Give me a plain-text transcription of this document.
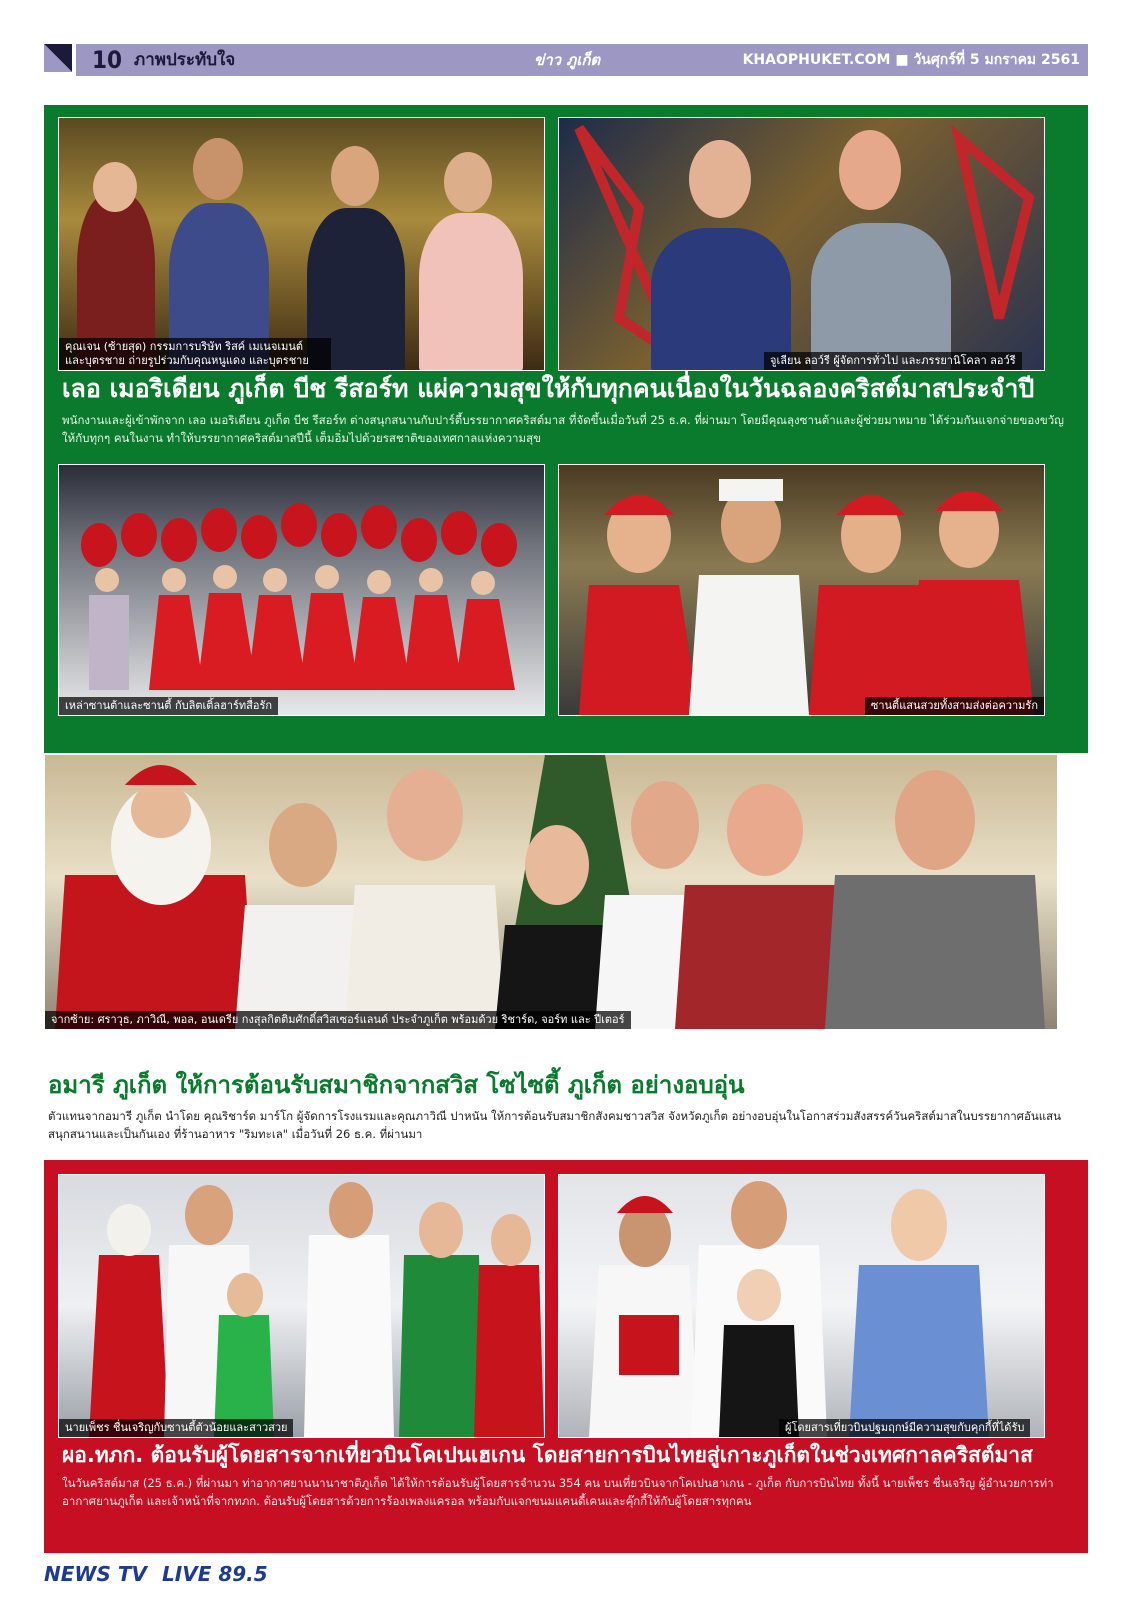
10 ภาพประทับใจ	ข่าว ภูเก็ต	KHAOPHUKET.COM ■ วันศุกร์ที่ 5 มกราคม 2561
คุณเจน (ซ้ายสุด) กรรมการบริษัท ริสค์ เมเนจเมนต์ และบุตรชาย ถ่ายรูปร่วมกับคุณหนูแดง และบุตรชาย	จูเลียน ลอว์รี ผู้จัดการทั่วไป และภรรยานิโคลา ลอว์รี
เลอ เมอริเดียน ภูเก็ต บีช รีสอร์ท แผ่ความสุขให้กับทุกคนเนื่องในวันฉลองคริสต์มาสประจำปี
พนักงานและผู้เข้าพักจาก เลอ เมอริเดียน ภูเก็ต บีช รีสอร์ท ต่างสนุกสนานกับปาร์ตี้บรรยากาศคริสต์มาส ที่จัดขึ้นเมื่อวันที่ 25 ธ.ค. ที่ผ่านมา โดยมีคุณลุงซานต้าและผู้ช่วยมาหมาย ได้ร่วมกันแจกจ่ายของขวัญให้กับทุกๆ คนในงาน ทำให้บรรยากาศคริสต์มาสปีนี้ เต็มอิ่มไปด้วยรสชาติของเทศกาลแห่งความสุข
เหล่าซานต้าและซานตี้ กับลิตเติ้ลฮาร์ทสื่อรัก	ซานตี้แสนสวยทั้งสามส่งต่อความรัก
จากซ้าย: ศราวุธ, ภาวิณี, พอล, อนเดรีย กงสุลกิตติมศักดิ์สวิสเซอร์แลนด์ ประจำภูเก็ต พร้อมด้วย ริชาร์ด, จอร์ท และ ปีเตอร์
อมารี ภูเก็ต ให้การต้อนรับสมาชิกจากสวิส โซไซตี้ ภูเก็ต อย่างอบอุ่น
ตัวแทนจากอมารี ภูเก็ต นำโดย คุณริชาร์ด มาร์โก ผู้จัดการโรงแรมและคุณภาวิณี ปาหนัน ให้การต้อนรับสมาชิกสังคมชาวสวิส จังหวัดภูเก็ต อย่างอบอุ่นในโอกาสร่วมสังสรรค์วันคริสต์มาสในบรรยากาศอันแสนสนุกสนานและเป็นกันเอง ที่ร้านอาหาร "ริมทะเล" เมื่อวันที่ 26 ธ.ค. ที่ผ่านมา
นายเพ็ชร ชื่นเจริญกับซานตี้ตัวน้อยและสาวสวย	ผู้โดยสารเที่ยวบินปฐมฤกษ์มีความสุขกับคุกกี้ที่ได้รับ
ผอ.ทภก. ต้อนรับผู้โดยสารจากเที่ยวบินโคเปนเฮเกน โดยสายการบินไทยสู่เกาะภูเก็ตในช่วงเทศกาลคริสต์มาส
ในวันคริสต์มาส (25 ธ.ค.) ที่ผ่านมา ท่าอากาศยานนานาชาติภูเก็ต ได้ให้การต้อนรับผู้โดยสารจำนวน 354 คน บนเที่ยวบินจากโคเปนฮาเกน - ภูเก็ต กับการบินไทย ทั้งนี้ นายเพ็ชร ชื่นเจริญ ผู้อำนวยการท่าอากาศยานภูเก็ต และเจ้าหน้าที่จากทภก. ต้อนรับผู้โดยสารด้วยการร้องเพลงแครอล พร้อมกับแจกขนมแคนดี้เคนและคุ๊กกี้ให้กับผู้โดยสารทุกคน
NEWS TV LIVE 89.5
